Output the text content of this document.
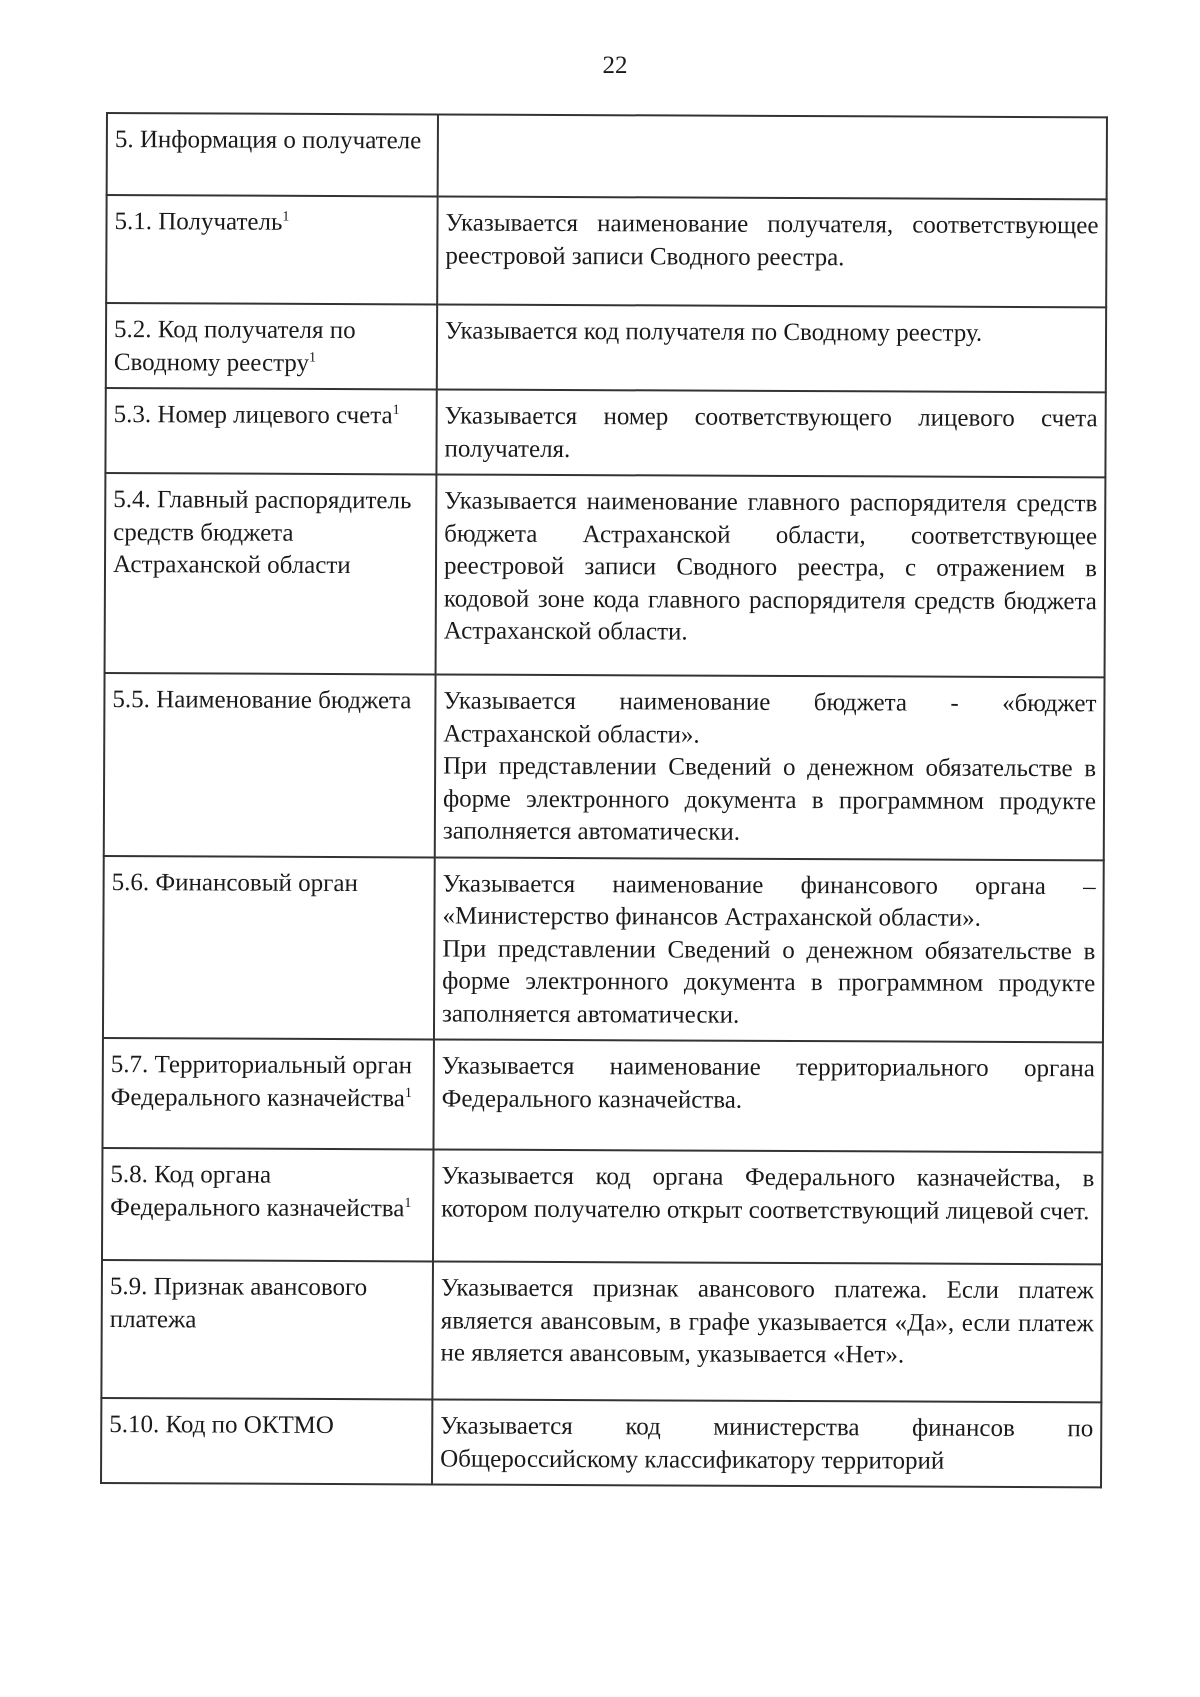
22
5. Информация о получателе	
5.1. Получатель$^1$	Указывается наименование получателя, соответствующее реестровой записи Сводного реестра.

5.2. Код получателя по Сводному реестру$^1$	Указывается код получателя по Сводному реестру.

5.3. Номер лицевого счета$^1$	Указывается номер соответствующего лицевого счета получателя.

5.4. Главный распорядитель средств бюджета Астраханской области	Указывается наименование главного распорядителя средств бюджета Астраханской области, соответствующее реестровой записи Сводного реестра, с отражением в кодовой зоне кода главного распорядителя средств бюджета Астраханской области.

5.5. Наименование бюджета	Указывается наименование бюджета - «бюджет Астраханской области».

При представлении Сведений о денежном обязательстве в форме электронного документа в программном продукте заполняется автоматически.

5.6. Финансовый орган	Указывается наименование финансового органа – «Министерство финансов Астраханской области».

При представлении Сведений о денежном обязательстве в форме электронного документа в программном продукте заполняется автоматически.

5.7. Территориальный орган Федерального казначейства$^1$	Указывается наименование территориального органа Федерального казначейства.

5.8. Код органа Федерального казначейства$^1$	Указывается код органа Федерального казначейства, в котором получателю открыт соответствующий лицевой счет.

5.9. Признак авансового платежа	Указывается признак авансового платежа. Если платеж является авансовым, в графе указывается «Да», если платеж не является авансовым, указывается «Нет».

5.10. Код по ОКТМО	Указывается код министерства финансов по Общероссийскому классификатору территорий
